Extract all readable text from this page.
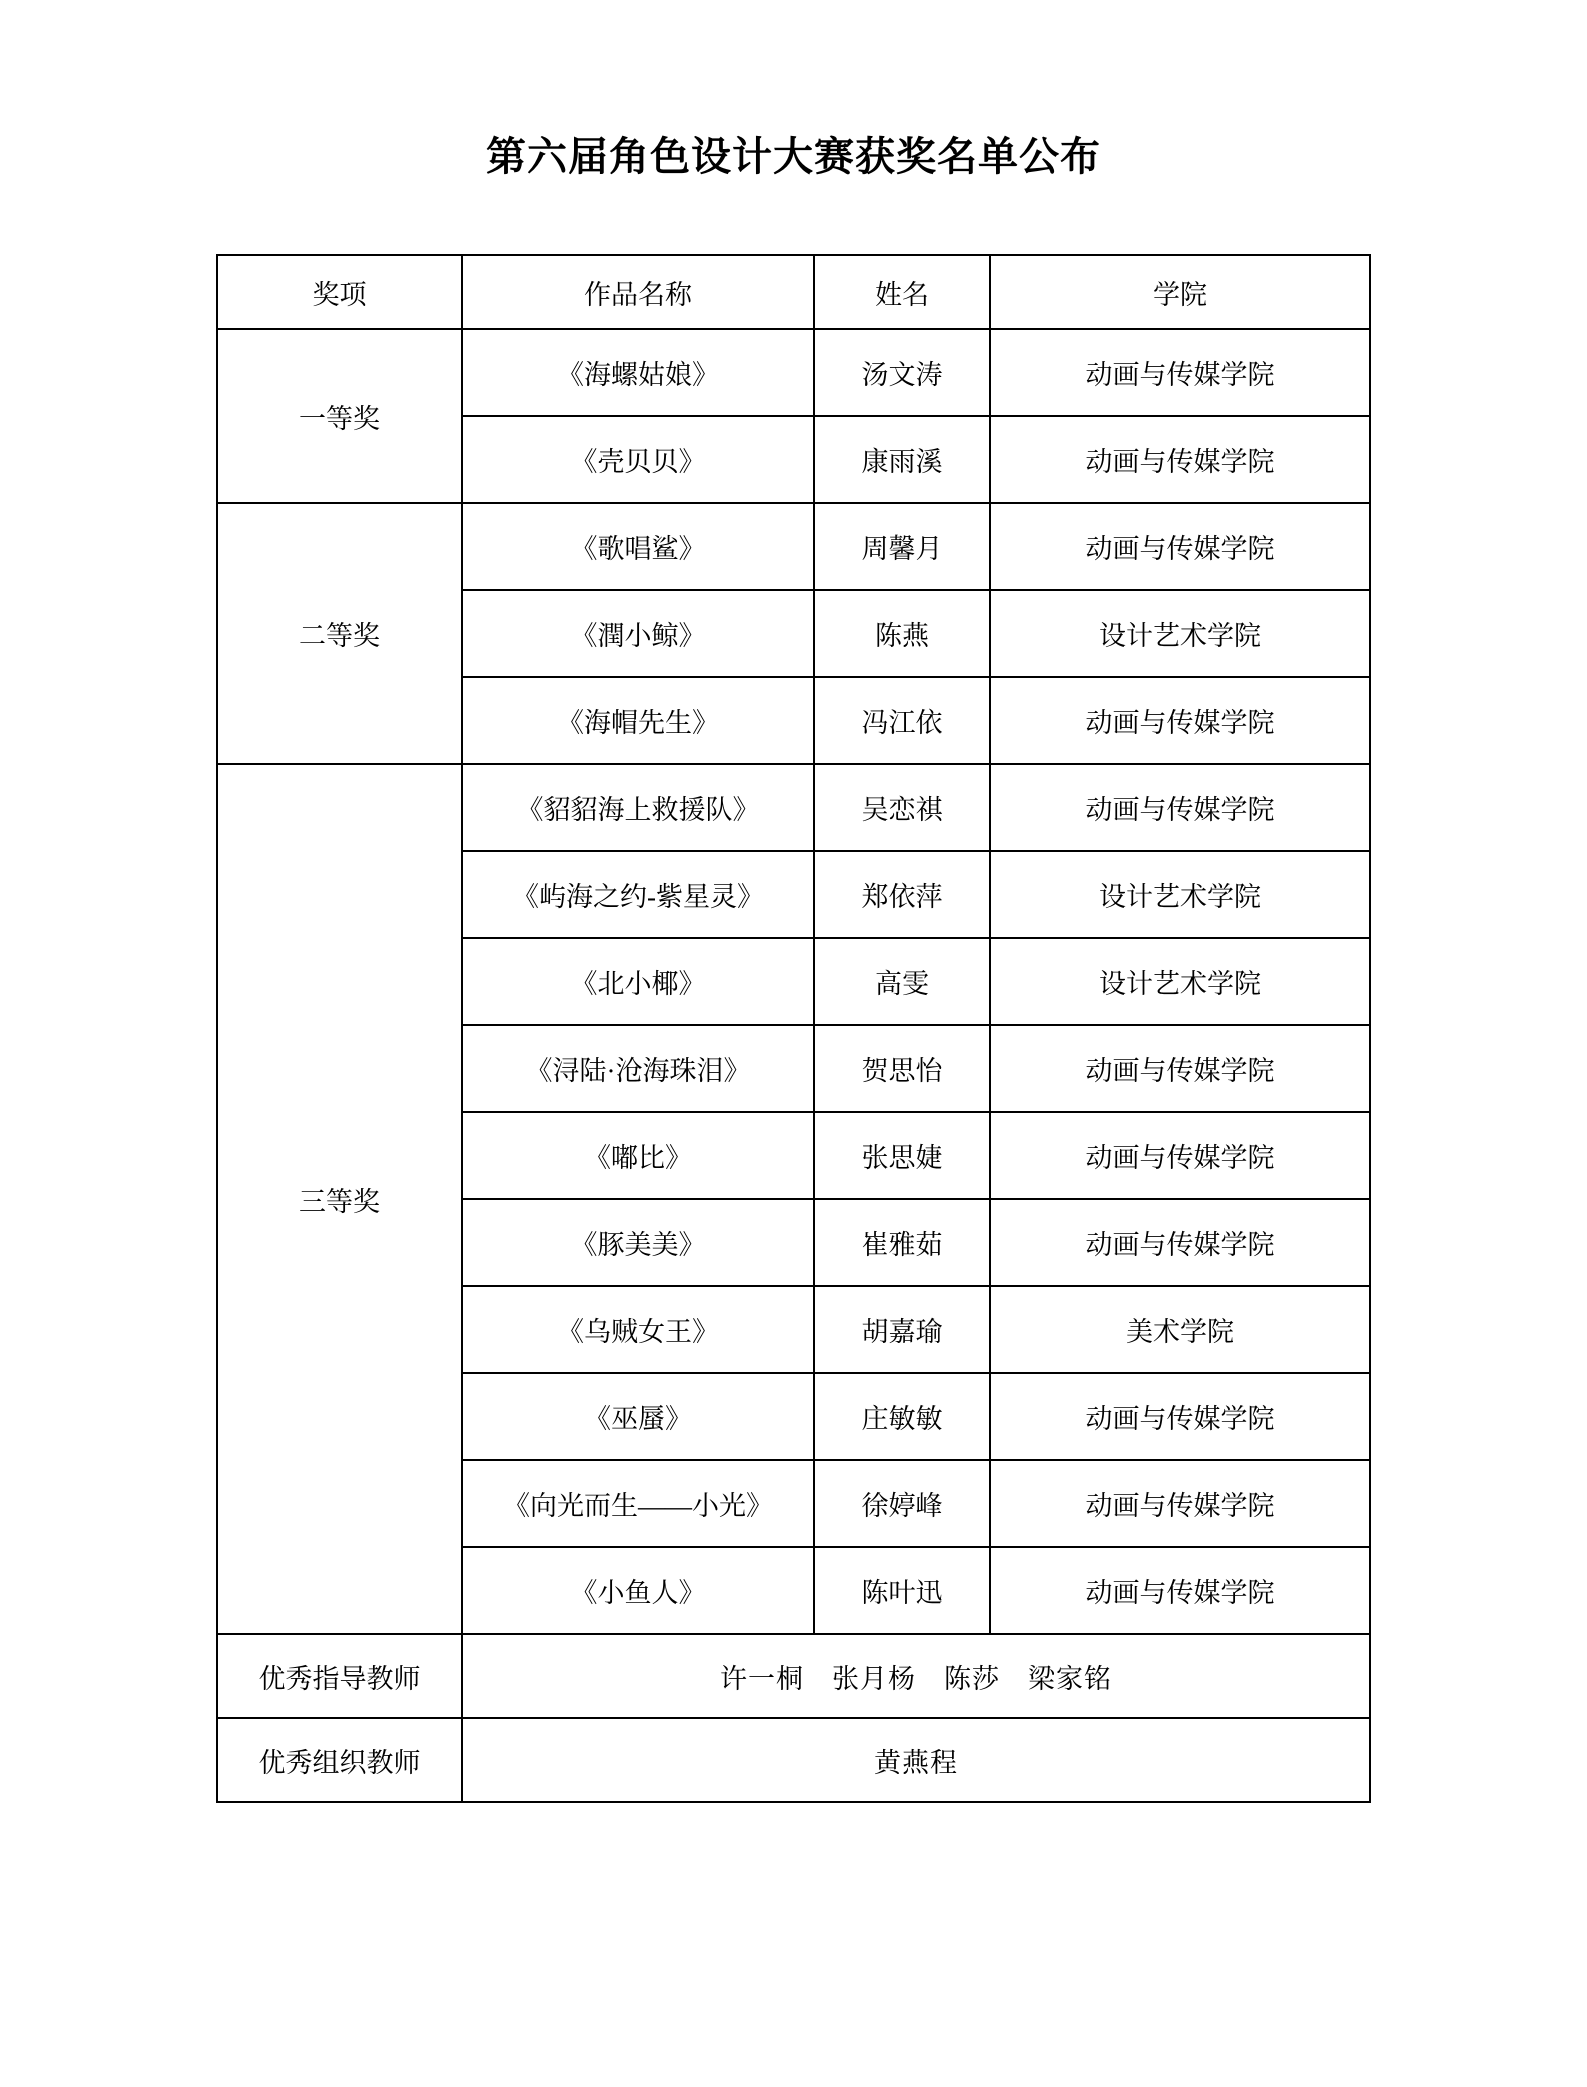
第六届角色设计大赛获奖名单公布
奖项	作品名称	姓名	学院
一等奖	《海螺姑娘》	汤文涛	动画与传媒学院
	《壳贝贝》	康雨溪	动画与传媒学院
二等奖	《歌唱鲨》	周馨月	动画与传媒学院
	《潤小鲸》	陈燕	设计艺术学院
	《海帽先生》	冯江依	动画与传媒学院
三等奖	《貂貂海上救援队》	吴恋祺	动画与传媒学院
	《屿海之约-紫星灵》	郑依萍	设计艺术学院
	《北小椰》	高雯	设计艺术学院
	《浔陆·沧海珠泪》	贺思怡	动画与传媒学院
	《嘟比》	张思婕	动画与传媒学院
	《豚美美》	崔雅茹	动画与传媒学院
	《乌贼女王》	胡嘉瑜	美术学院
	《巫蜃》	庄敏敏	动画与传媒学院
	《向光而生——小光》	徐婷峰	动画与传媒学院
	《小鱼人》	陈叶迅	动画与传媒学院
优秀指导教师	许一桐　张月杨　陈莎　梁家铭		
优秀组织教师	黄燕程		
